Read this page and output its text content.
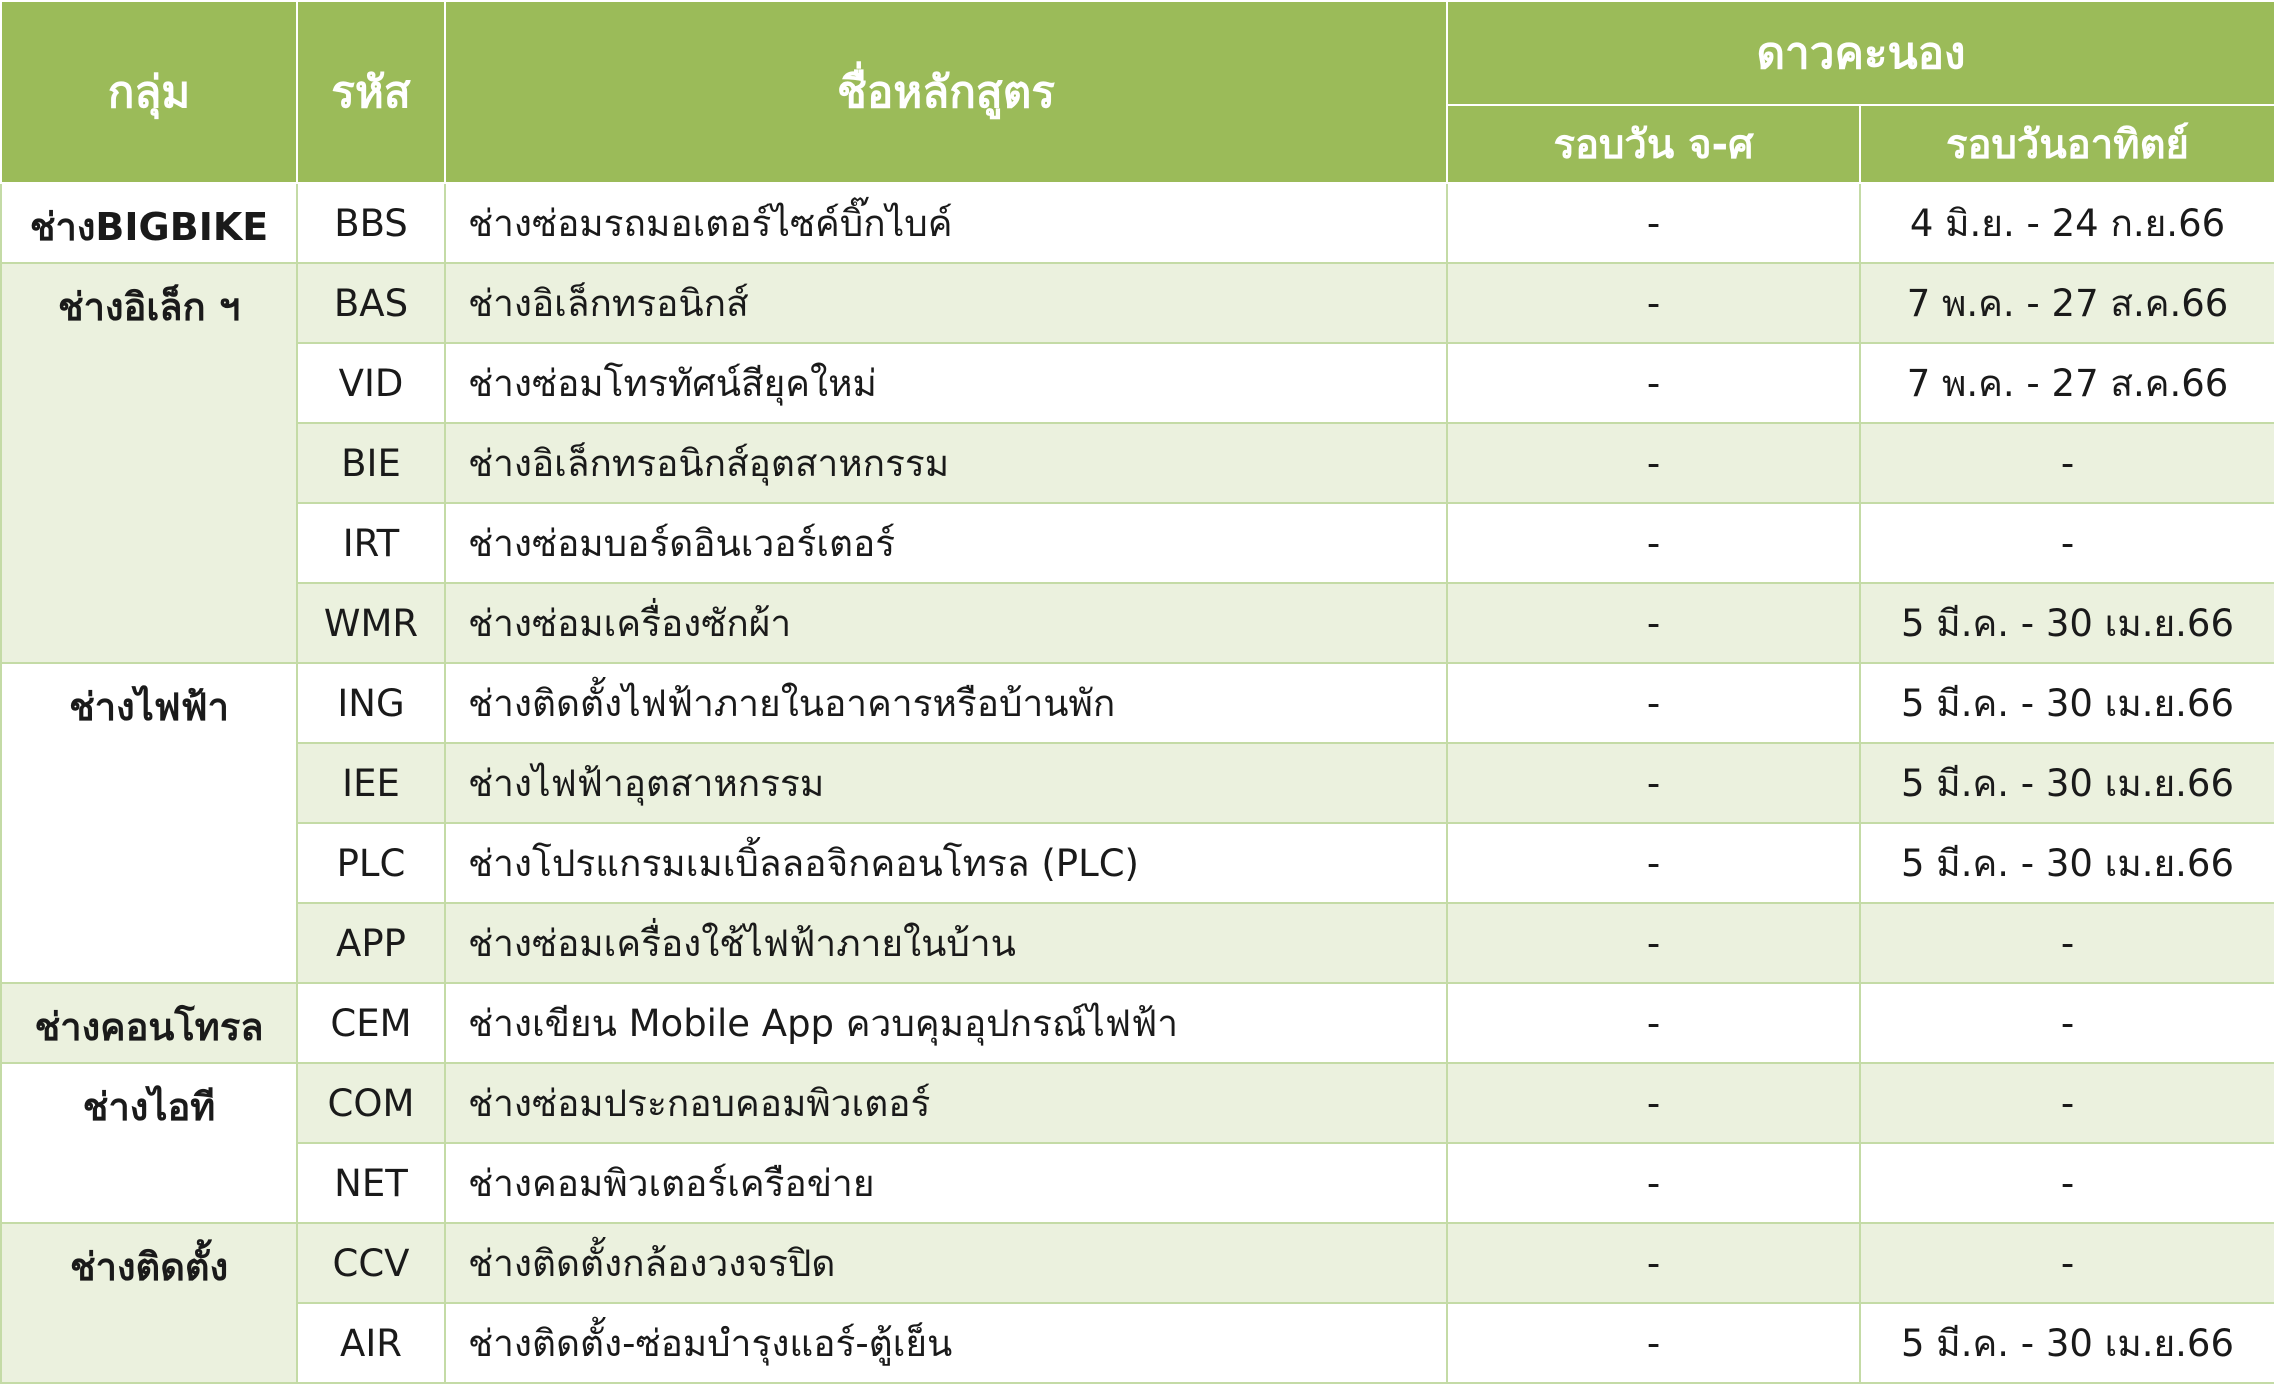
กลุ่ม	รหัส	ชื่อหลักสูตร	ดาวคะนอง	
			รอบวัน จ-ศ	รอบวันอาทิตย์
ช่างBIGBIKE	BBS	ช่างซ่อมรถมอเตอร์ไซค์บิ๊กไบค์	-	4 มิ.ย. - 24 ก.ย.66
ช่างอิเล็ก ฯ	BAS	ช่างอิเล็กทรอนิกส์	-	7 พ.ค. - 27 ส.ค.66
	VID	ช่างซ่อมโทรทัศน์สียุคใหม่	-	7 พ.ค. - 27 ส.ค.66
	BIE	ช่างอิเล็กทรอนิกส์อุตสาหกรรม	-	-
	IRT	ช่างซ่อมบอร์ดอินเวอร์เตอร์	-	-
	WMR	ช่างซ่อมเครื่องซักผ้า	-	5 มี.ค. - 30 เม.ย.66
ช่างไฟฟ้า	ING	ช่างติดตั้งไฟฟ้าภายในอาคารหรือบ้านพัก	-	5 มี.ค. - 30 เม.ย.66
	IEE	ช่างไฟฟ้าอุตสาหกรรม	-	5 มี.ค. - 30 เม.ย.66
	PLC	ช่างโปรแกรมเมเบิ้ลลอจิกคอนโทรล (PLC)	-	5 มี.ค. - 30 เม.ย.66
	APP	ช่างซ่อมเครื่องใช้ไฟฟ้าภายในบ้าน	-	-
ช่างคอนโทรล	CEM	ช่างเขียน Mobile App ควบคุมอุปกรณ์ไฟฟ้า	-	-
ช่างไอที	COM	ช่างซ่อมประกอบคอมพิวเตอร์	-	-
	NET	ช่างคอมพิวเตอร์เครือข่าย	-	-
ช่างติดตั้ง	CCV	ช่างติดตั้งกล้องวงจรปิด	-	-
	AIR	ช่างติดตั้ง-ซ่อมบำรุงแอร์-ตู้เย็น	-	5 มี.ค. - 30 เม.ย.66
